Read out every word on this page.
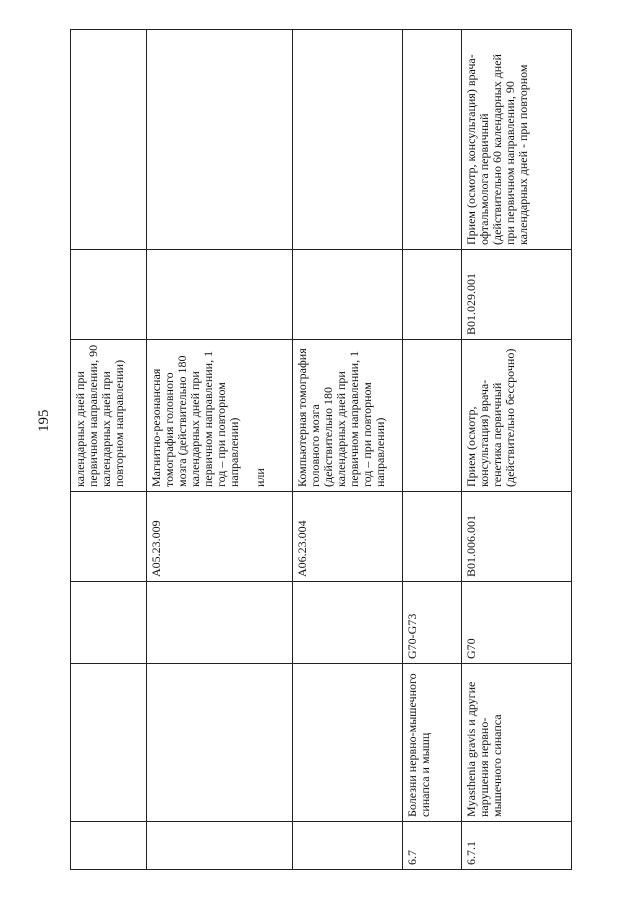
195
				календарных дней при первичном направлении, 90 календарных дней при повторном направлении)		
			A05.23.009	Магнитно-резонансная томография головного мозга (действительно 180 календарных дней при первичном направлении, 1 год – при повторном направлении)

или		
			A06.23.004	Компьютерная томография головного мозга (действительно 180 календарных дней при первичном направлении, 1 год – при повторном направлении)		
6.7	Болезни нервно-мышечного синапса и мышц	G70-G73				
6.7.1	Myasthenia gravis и другие нарушения нервно-мышечного синапса	G70	B01.006.001	Прием (осмотр, консультация) врача-генетика первичный (действительно бессрочно)	B01.029.001	Прием (осмотр, консультация) врача-офтальмолога первичный (действительно 60 календарных дней при первичном направлении, 90 календарных дней - при повторном
